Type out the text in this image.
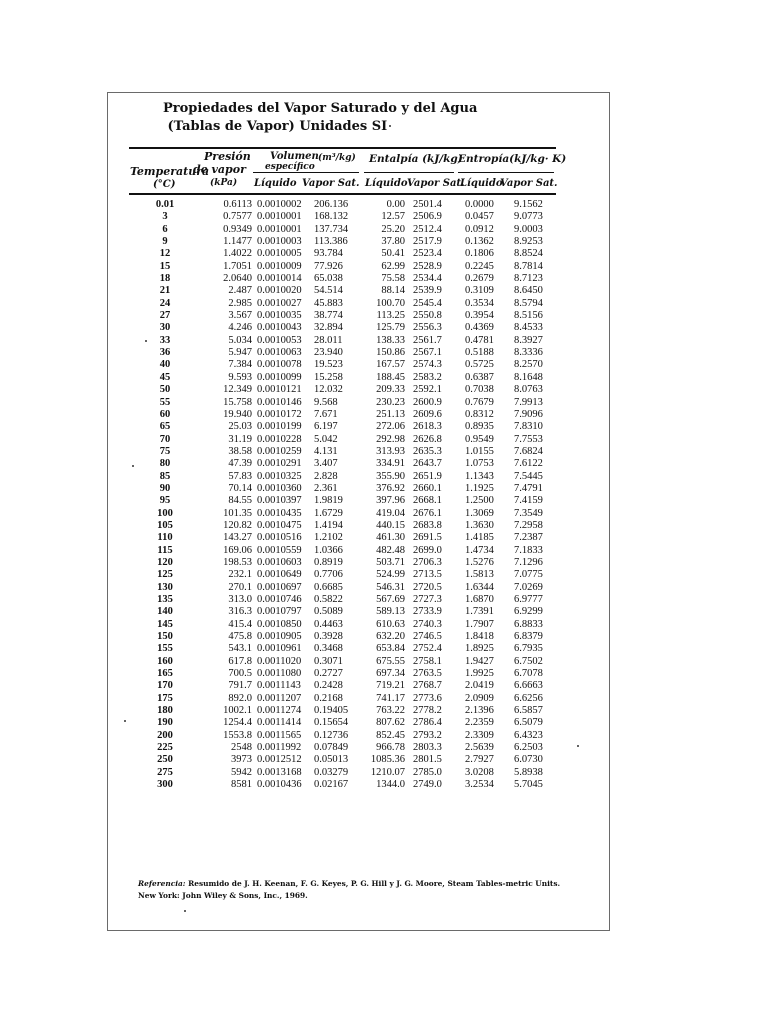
Propiedades del Vapor Saturado y del Agua
(Tablas de Vapor) Unidades SI
Presión
de vapor
Temperatura
(°C)	(kPa)
Volumen (m³/kg)
específico
Entalpía (kJ/kg)
Entropía(kJ/kg· K)
Líquido Vapor Sat. Líquido Vapor Sat.
Líquido
Vapor Sat.
0.01	0.6113	0.0010002	206.136	0.00	2501.4	0.0000	9.1562
3	0.7577	0.0010001	168.132	12.57	2506.9	0.0457	9.0773
6	0.9349	0.0010001	137.734	25.20	2512.4	0.0912	9.0003
9	1.1477	0.0010003	113.386	37.80	2517.9	0.1362	8.9253
12	1.4022	0.0010005	93.784	50.41	2523.4	0.1806	8.8524
15	1.7051	0.0010009	77.926	62.99	2528.9	0.2245	8.7814
18	2.0640	0.0010014	65.038	75.58	2534.4	0.2679	8.7123
21	2.487	0.0010020	54.514	88.14	2539.9	0.3109	8.6450
24	2.985	0.0010027	45.883	100.70	2545.4	0.3534	8.5794
27	3.567	0.0010035	38.774	113.25	2550.8	0.3954	8.5156
30	4.246	0.0010043	32.894	125.79	2556.3	0.4369	8.4533
33	5.034	0.0010053	28.011	138.33	2561.7	0.4781	8.3927
36	5.947	0.0010063	23.940	150.86	2567.1	0.5188	8.3336
40	7.384	0.0010078	19.523	167.57	2574.3	0.5725	8.2570
45	9.593	0.0010099	15.258	188.45	2583.2	0.6387	8.1648
50	12.349	0.0010121	12.032	209.33	2592.1	0.7038	8.0763
55	15.758	0.0010146	9.568	230.23	2600.9	0.7679	7.9913
60	19.940	0.0010172	7.671	251.13	2609.6	0.8312	7.9096
65	25.03	0.0010199	6.197	272.06	2618.3	0.8935	7.8310
70	31.19	0.0010228	5.042	292.98	2626.8	0.9549	7.7553
75	38.58	0.0010259	4.131	313.93	2635.3	1.0155	7.6824
80	47.39	0.0010291	3.407	334.91	2643.7	1.0753	7.6122
85	57.83	0.0010325	2.828	355.90	2651.9	1.1343	7.5445
90	70.14	0.0010360	2.361	376.92	2660.1	1.1925	7.4791
95	84.55	0.0010397	1.9819	397.96	2668.1	1.2500	7.4159
100	101.35	0.0010435	1.6729	419.04	2676.1	1.3069	7.3549
105	120.82	0.0010475	1.4194	440.15	2683.8	1.3630	7.2958
110	143.27	0.0010516	1.2102	461.30	2691.5	1.4185	7.2387
115	169.06	0.0010559	1.0366	482.48	2699.0	1.4734	7.1833
120	198.53	0.0010603	0.8919	503.71	2706.3	1.5276	7.1296
125	232.1	0.0010649	0.7706	524.99	2713.5	1.5813	7.0775
130	270.1	0.0010697	0.6685	546.31	2720.5	1.6344	7.0269
135	313.0	0.0010746	0.5822	567.69	2727.3	1.6870	6.9777
140	316.3	0.0010797	0.5089	589.13	2733.9	1.7391	6.9299
145	415.4	0.0010850	0.4463	610.63	2740.3	1.7907	6.8833
150	475.8	0.0010905	0.3928	632.20	2746.5	1.8418	6.8379
155	543.1	0.0010961	0.3468	653.84	2752.4	1.8925	6.7935
160	617.8	0.0011020	0.3071	675.55	2758.1	1.9427	6.7502
165	700.5	0.0011080	0.2727	697.34	2763.5	1.9925	6.7078
170	791.7	0.0011143	0.2428	719.21	2768.7	2.0419	6.6663
175	892.0	0.0011207	0.2168	741.17	2773.6	2.0909	6.6256
180	1002.1	0.0011274	0.19405	763.22	2778.2	2.1396	6.5857
190	1254.4	0.0011414	0.15654	807.62	2786.4	2.2359	6.5079
200	1553.8	0.0011565	0.12736	852.45	2793.2	2.3309	6.4323
225	2548	0.0011992	0.07849	966.78	2803.3	2.5639	6.2503
250	3973	0.0012512	0.05013	1085.36	2801.5	2.7927	6.0730
275	5942	0.0013168	0.03279	1210.07	2785.0	3.0208	5.8938
300	8581	0.0010436	0.02167	1344.0	2749.0	3.2534	5.7045
Referencia: Resumido de J. H. Keenan, F. G. Keyes, P. G. Hill y J. G. Moore, Steam Tables-metric Units. New York: John Wiley & Sons, Inc., 1969.
